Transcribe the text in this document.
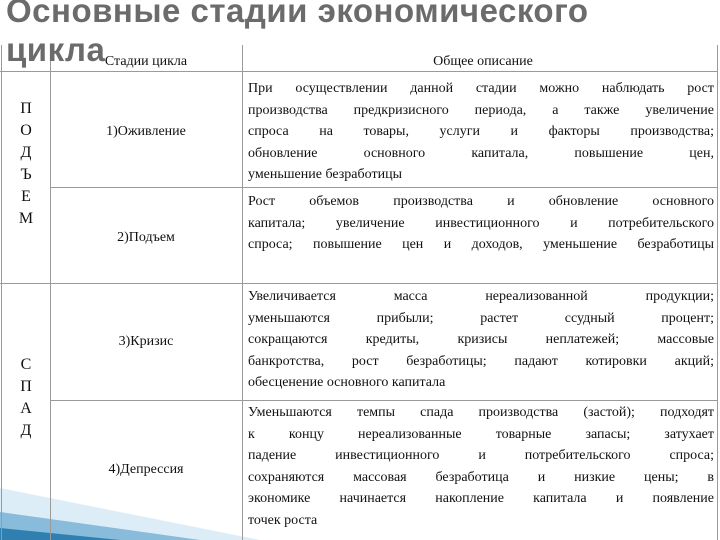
Основные стадии экономического
цикла Стадии цикла	Общее описание
П
О
Д
Ъ
Е
М
С
П
А
Д
1)Оживление
2)Подъем
3)Кризис
4)Депрессия
При осуществлении данной стадии можно наблюдать рост
производства предкризисного периода, а также увеличение
спроса на товары, услуги и факторы производства;
обновление основного капитала, повышение цен,
уменьшение безработицы
Рост объемов производства и обновление основного
капитала; увеличение инвестиционного и потребительского
спроса; повышение цен и доходов, уменьшение безработицы
Увеличивается масса нереализованной продукции;
уменьшаются прибыли; растет ссудный процент;
сокращаются кредиты, кризисы неплатежей; массовые
банкротства, рост безработицы; падают котировки акций;
обесценение основного капитала
Уменьшаются темпы спада производства (застой); подходят
к концу нереализованные товарные запасы; затухает
падение инвестиционного и потребительского спроса;
сохраняются массовая безработица и низкие цены; в
экономике начинается накопление капитала и появление
точек роста
